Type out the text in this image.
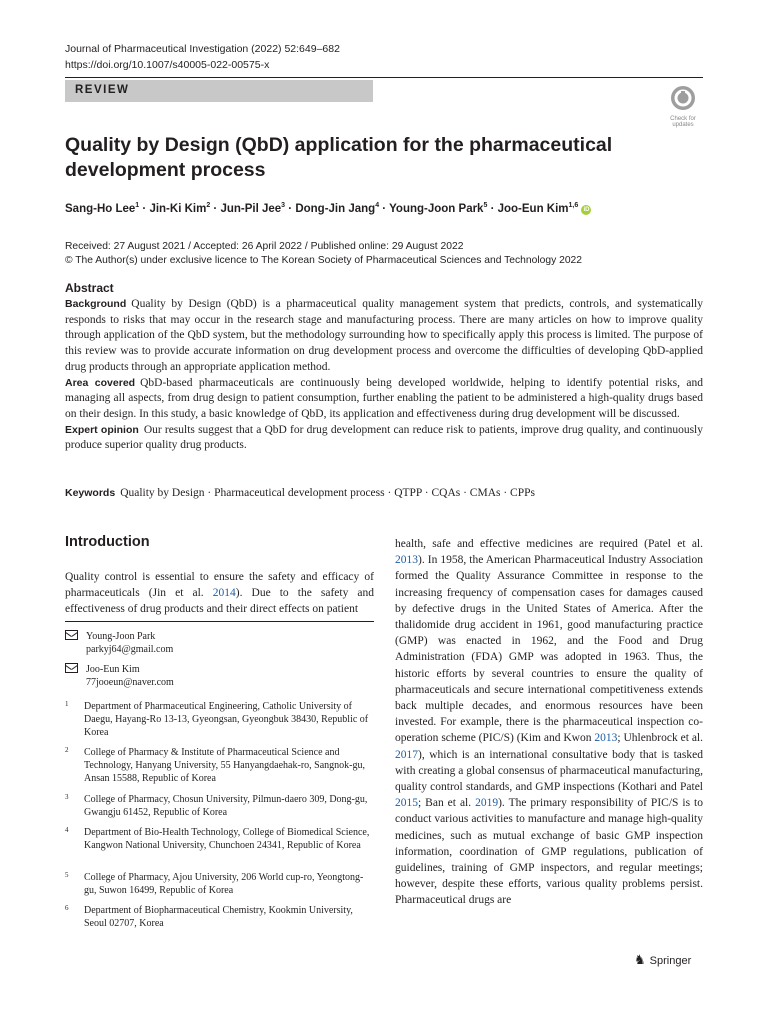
Journal of Pharmaceutical Investigation (2022) 52:649–682
https://doi.org/10.1007/s40005-022-00575-x
REVIEW
Check for
updates
Quality by Design (QbD) application for the pharmaceutical development process
Sang-Ho Lee$^1$ · Jin-Ki Kim$^2$ · Jun-Pil Jee$^3$ · Dong-Jin Jang$^4$ · Young-Joon Park$^5$ · Joo-Eun Kim$^{1,6}$ iD
Received: 27 August 2021 / Accepted: 26 April 2022 / Published online: 29 August 2022
© The Author(s) under exclusive licence to The Korean Society of Pharmaceutical Sciences and Technology 2022
Abstract

Background Quality by Design (QbD) is a pharmaceutical quality management system that predicts, controls, and systematically responds to risks that may occur in the research stage and manufacturing process. There are many articles on how to improve quality through application of the QbD system, but the methodology surrounding how to specifically apply this process is limited. The purpose of this review was to provide accurate information on drug development process and overcome the difficulties of developing QbD-applied drug products through an appropriate application method.

Area covered QbD-based pharmaceuticals are continuously being developed worldwide, helping to identify potential risks, and managing all aspects, from drug design to patient consumption, further enabling the patient to be administered a high-quality drugs based on their design. In this study, a basic knowledge of QbD, its application and effectiveness during drug development will be discussed.

Expert opinion Our results suggest that a QbD for drug development can reduce risk to patients, improve drug quality, and continuously produce superior quality drug products.

Keywords Quality by Design · Pharmaceutical development process · QTPP · CQAs · CMAs · CPPs
Introduction
Quality control is essential to ensure the safety and efficacy of pharmaceuticals (Jin et al. 2014). Due to the safety and effectiveness of drug products and their direct effects on patient
Young-Joon Park
parkyj64@gmail.com
Joo-Eun Kim
77jooeun@naver.com
1 Department of Pharmaceutical Engineering, Catholic University of Daegu, Hayang-Ro 13-13, Gyeongsan, Gyeongbuk 38430, Republic of Korea
2 College of Pharmacy & Institute of Pharmaceutical Science and Technology, Hanyang University, 55 Hanyangdaehak-ro, Sangnok-gu, Ansan 15588, Republic of Korea
3 College of Pharmacy, Chosun University, Pilmun-daero 309, Dong-gu, Gwangju 61452, Republic of Korea
4 Department of Bio-Health Technology, College of Biomedical Science, Kangwon National University, Chunchoen 24341, Republic of Korea
5 College of Pharmacy, Ajou University, 206 World cup-ro, Yeongtong-gu, Suwon 16499, Republic of Korea
6 Department of Biopharmaceutical Chemistry, Kookmin University, Seoul 02707, Korea
health, safe and effective medicines are required (Patel et al. 2013). In 1958, the American Pharmaceutical Industry Association formed the Quality Assurance Committee in response to the increasing frequency of compensation cases for damages caused by defective drugs in the United States of America. After the thalidomide drug accident in 1961, good manufacturing practice (GMP) was enacted in 1962, and the Food and Drug Administration (FDA) GMP was adopted in 1963. Thus, the historic efforts by several countries to ensure the quality of pharmaceuticals and secure international competitiveness extends back multiple decades, and enormous resources have been invested. For example, there is the pharmaceutical inspection co-operation scheme (PIC/S) (Kim and Kwon 2013; Uhlenbrock et al. 2017), which is an international consultative body that is tasked with creating a global consensus of pharmaceutical manufacturing, quality control standards, and GMP inspections (Kothari and Patel 2015; Ban et al. 2019). The primary responsibility of PIC/S is to conduct various activities to manufacture and manage high-quality medicines, such as mutual exchange of basic GMP inspection information, coordination of GMP regulations, publication of guidelines, training of GMP inspectors, and regular meetings; however, despite these efforts, various quality problems persist. Pharmaceutical drugs are
♞ Springer
